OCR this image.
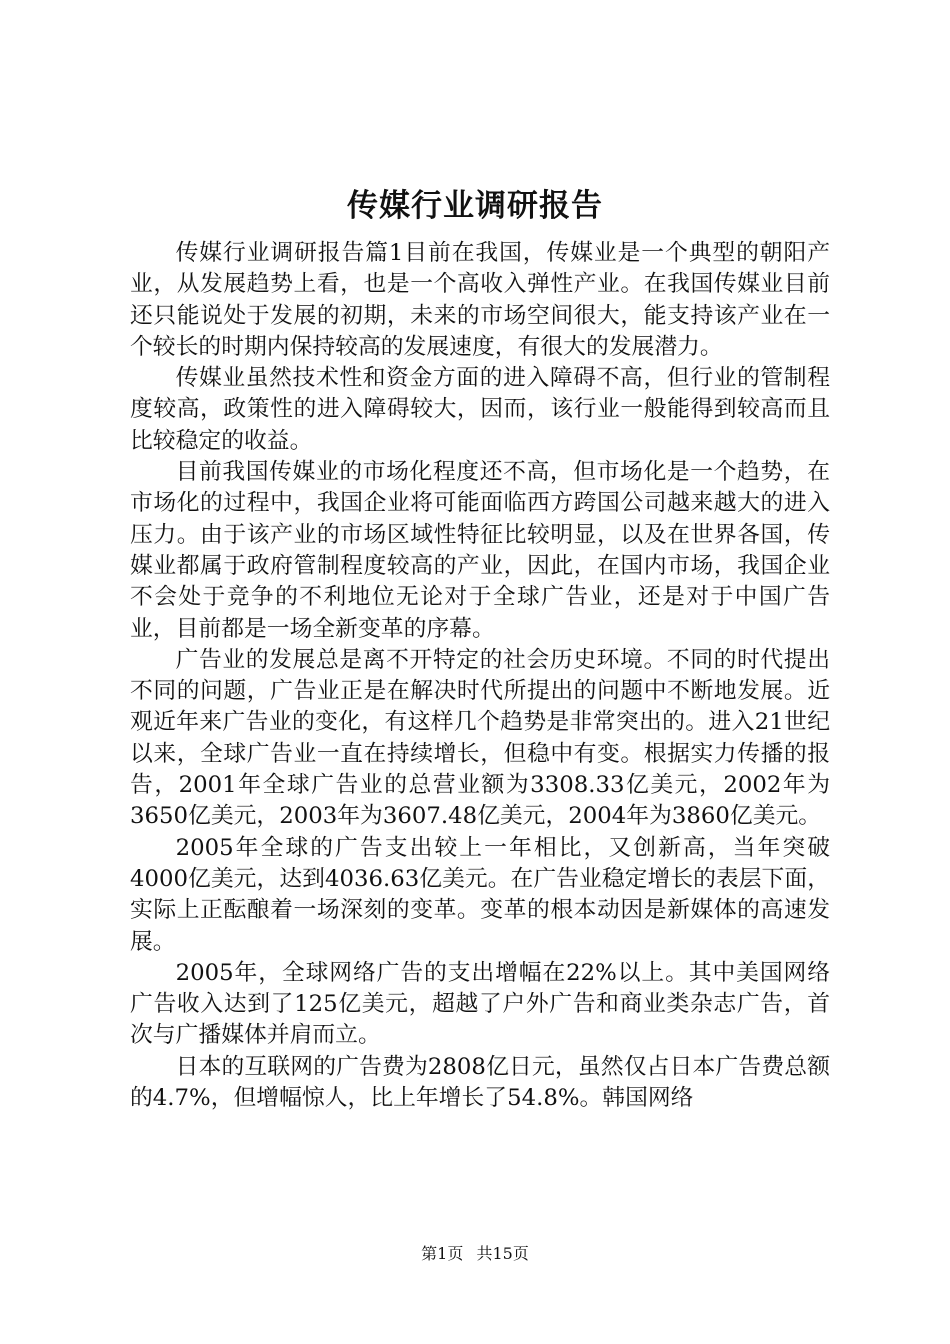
传媒行业调研报告

传媒行业调研报告篇1目前在我国，传媒业是一个典型的朝阳产业，从发展趋势上看，也是一个高收入弹性产业。在我国传媒业目前还只能说处于发展的初期，未来的市场空间很大，能支持该产业在一个较长的时期内保持较高的发展速度，有很大的发展潜力。

传媒业虽然技术性和资金方面的进入障碍不高，但行业的管制程度较高，政策性的进入障碍较大，因而，该行业一般能得到较高而且比较稳定的收益。

目前我国传媒业的市场化程度还不高，但市场化是一个趋势，在市场化的过程中，我国企业将可能面临西方跨国公司越来越大的进入压力。由于该产业的市场区域性特征比较明显，以及在世界各国，传媒业都属于政府管制程度较高的产业，因此，在国内市场，我国企业不会处于竞争的不利地位无论对于全球广告业，还是对于中国广告业，目前都是一场全新变革的序幕。

广告业的发展总是离不开特定的社会历史环境。不同的时代提出不同的问题，广告业正是在解决时代所提出的问题中不断地发展。近观近年来广告业的变化，有这样几个趋势是非常突出的。进入21世纪以来，全球广告业一直在持续增长，但稳中有变。根据实力传播的报告，2001年全球广告业的总营业额为3308.33亿美元，2002年为3650亿美元，2003年为3607.48亿美元，2004年为3860亿美元。

2005年全球的广告支出较上一年相比，又创新高，当年突破4000亿美元，达到4036.63亿美元。在广告业稳定增长的表层下面，实际上正酝酿着一场深刻的变革。变革的根本动因是新媒体的高速发展。

2005年，全球网络广告的支出增幅在22%以上。其中美国网络广告收入达到了125亿美元，超越了户外广告和商业类杂志广告，首次与广播媒体并肩而立。

日本的互联网的广告费为2808亿日元，虽然仅占日本广告费总额的4.7%，但增幅惊人，比上年增长了54.8%。韩国网络

第1页 共15页
